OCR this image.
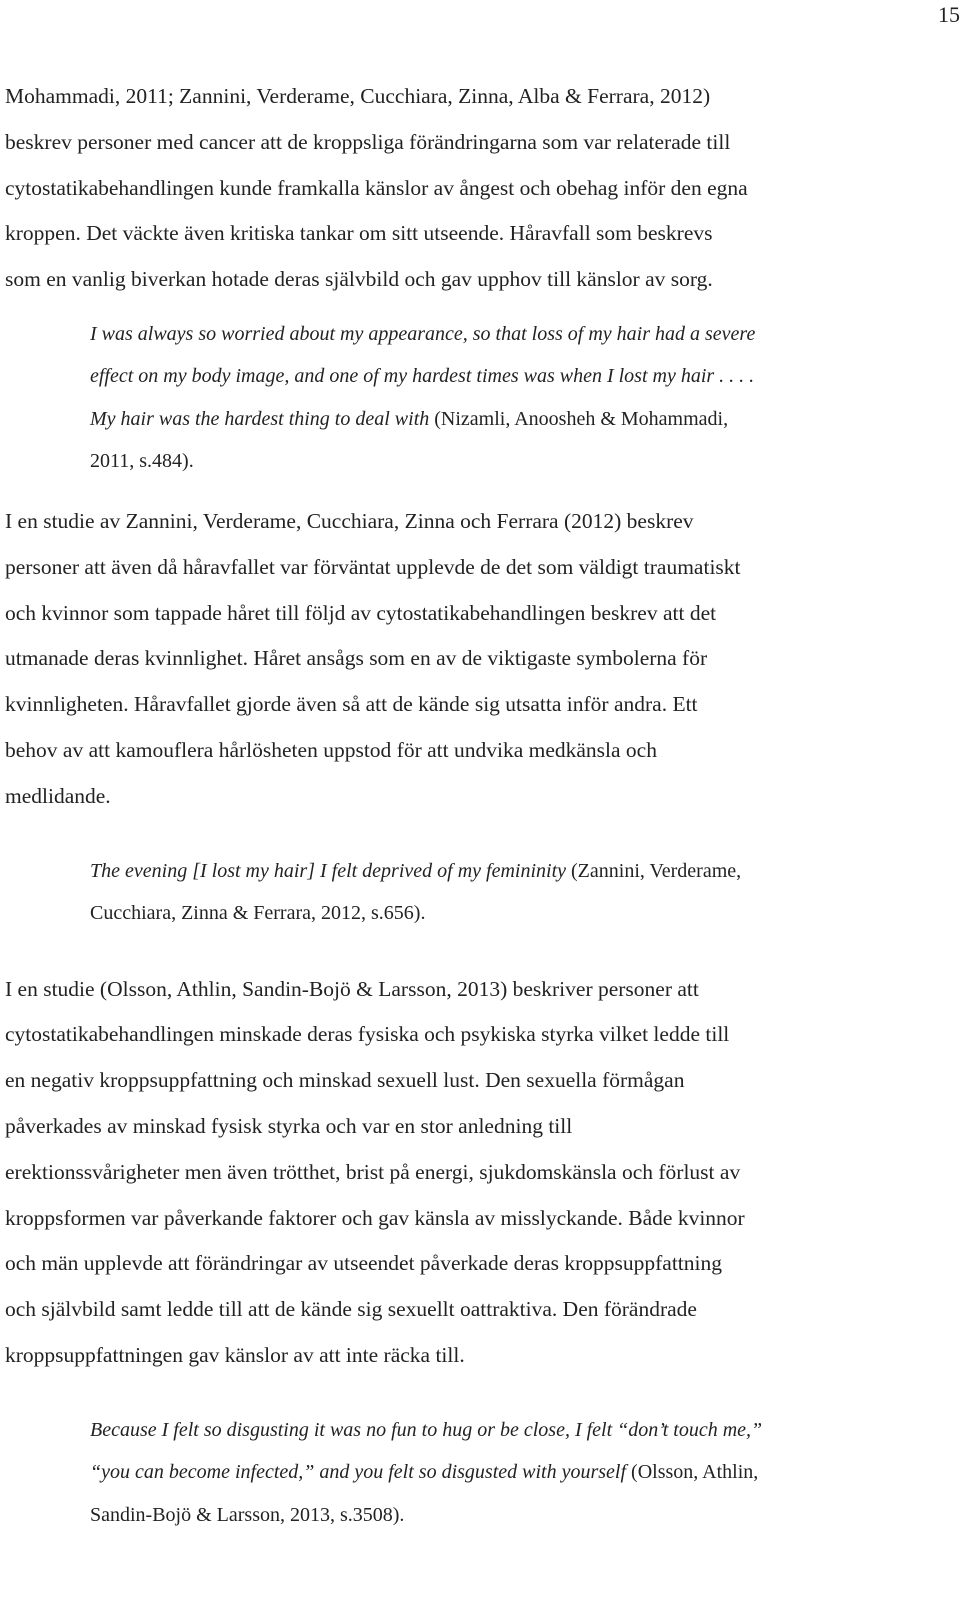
15

Mohammadi, 2011; Zannini, Verderame, Cucchiara, Zinna, Alba & Ferrara, 2012)
beskrev personer med cancer att de kroppsliga förändringarna som var relaterade till
cytostatikabehandlingen kunde framkalla känslor av ångest och obehag inför den egna
kroppen. Det väckte även kritiska tankar om sitt utseende. Håravfall som beskrevs
som en vanlig biverkan hotade deras självbild och gav upphov till känslor av sorg.

I was always so worried about my appearance, so that loss of my hair had a severe
effect on my body image, and one of my hardest times was when I lost my hair . . . .
My hair was the hardest thing to deal with (Nizamli, Anoosheh & Mohammadi,
2011, s.484).

I en studie av Zannini, Verderame, Cucchiara, Zinna och Ferrara (2012) beskrev
personer att även då håravfallet var förväntat upplevde de det som väldigt traumatiskt
och kvinnor som tappade håret till följd av cytostatikabehandlingen beskrev att det
utmanade deras kvinnlighet. Håret ansågs som en av de viktigaste symbolerna för
kvinnligheten. Håravfallet gjorde även så att de kände sig utsatta inför andra. Ett
behov av att kamouflera hårlösheten uppstod för att undvika medkänsla och
medlidande.

The evening [I lost my hair] I felt deprived of my femininity (Zannini, Verderame,
Cucchiara, Zinna & Ferrara, 2012, s.656).

I en studie (Olsson, Athlin, Sandin-Bojö & Larsson, 2013) beskriver personer att
cytostatikabehandlingen minskade deras fysiska och psykiska styrka vilket ledde till
en negativ kroppsuppfattning och minskad sexuell lust. Den sexuella förmågan
påverkades av minskad fysisk styrka och var en stor anledning till
erektionssvårigheter men även trötthet, brist på energi, sjukdomskänsla och förlust av
kroppsformen var påverkande faktorer och gav känsla av misslyckande. Både kvinnor
och män upplevde att förändringar av utseendet påverkade deras kroppsuppfattning
och självbild samt ledde till att de kände sig sexuellt oattraktiva. Den förändrade
kroppsuppfattningen gav känslor av att inte räcka till.

Because I felt so disgusting it was no fun to hug or be close, I felt “don’t touch me,”
“you can become infected,” and you felt so disgusted with yourself (Olsson, Athlin,
Sandin-Bojö & Larsson, 2013, s.3508).
